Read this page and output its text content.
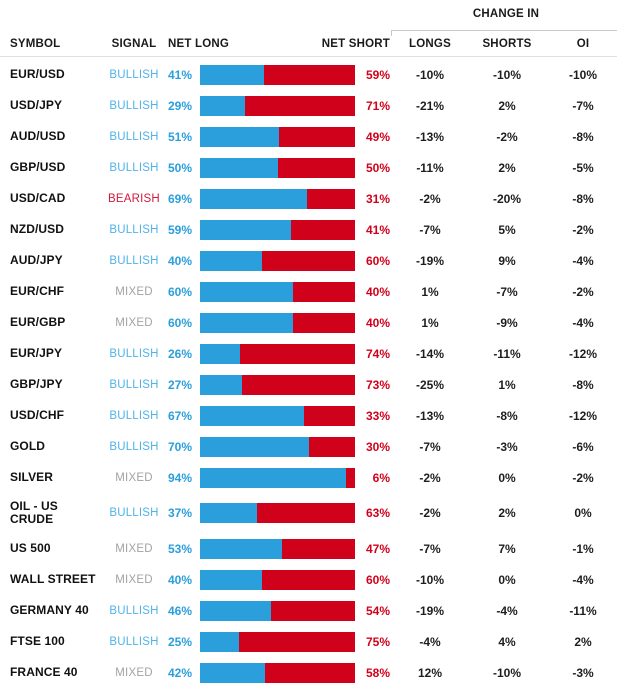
CHANGE IN
SYMBOL	SIGNAL	NET LONG	NET SHORT	LONGS	SHORTS	OI
EUR/USD	BULLISH 41%	59%	-10%	-10%	-10%
USD/JPY	BULLISH 29%	71%	-21%	2%	-7%
AUD/USD	BULLISH 51%	49%	-13%	-2%	-8%
GBP/USD	BULLISH 50%	50%	-11%	2%	-5%
USD/CAD	BEARISH 69%	31%	-2%	-20%	-8%
NZD/USD	BULLISH 59%	41%	-7%	5%	-2%
AUD/JPY	BULLISH 40%	60%	-19%	9%	-4%
EUR/CHF	MIXED	60%	40%	1%	-7%	-2%
EUR/GBP	MIXED	60%	40%	1%	-9%	-4%
EUR/JPY	BULLISH 26%	74%	-14%	-11%	-12%
GBP/JPY	BULLISH 27%	73%	-25%	1%	-8%
USD/CHF	BULLISH 67%	33%	-13%	-8%	-12%
GOLD	BULLISH 70%	30%	-7%	-3%	-6%
SILVER	MIXED	94%	6%	-2%	0%	-2%
OIL - US CRUDE	BULLISH 37%	63%	-2%	2%	0%
US 500	MIXED	53%	47%	-7%	7%	-1%
WALL STREET	MIXED	40%	60%	-10%	0%	-4%
GERMANY 40	BULLISH 46%	54%	-19%	-4%	-11%
FTSE 100	BULLISH 25%	75%	-4%	4%	2%
FRANCE 40	MIXED	42%	58%	12%	-10%	-3%
